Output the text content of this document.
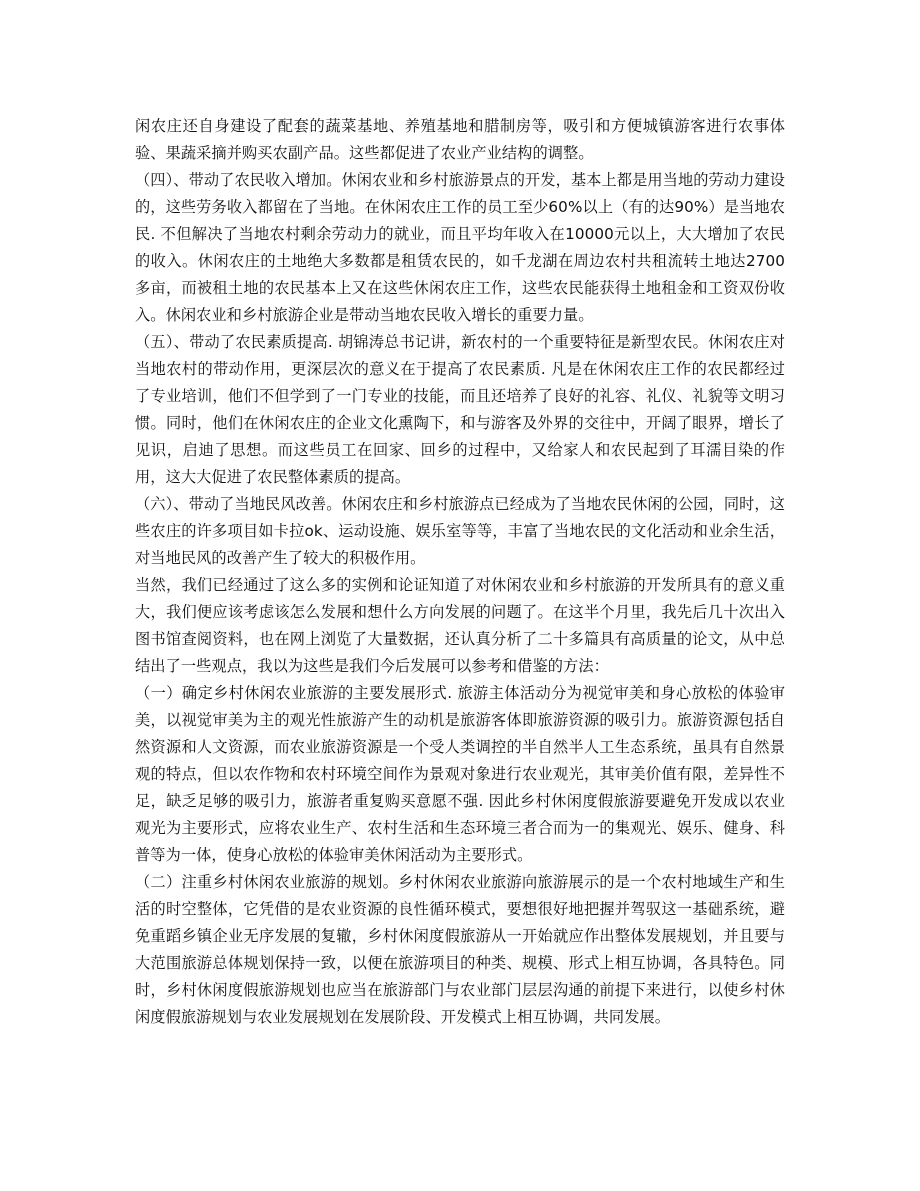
闲农庄还自身建设了配套的蔬菜基地、养殖基地和腊制房等，吸引和方便城镇游客进行农事体验、果蔬采摘并购买农副产品。这些都促进了农业产业结构的调整。

（四）、带动了农民收入增加。休闲农业和乡村旅游景点的开发，基本上都是用当地的劳动力建设的，这些劳务收入都留在了当地。在休闲农庄工作的员工至少60%以上（有的达90%）是当地农民. 不但解决了当地农村剩余劳动力的就业，而且平均年收入在10000元以上，大大增加了农民的收入。休闲农庄的土地绝大多数都是租赁农民的，如千龙湖在周边农村共租流转土地达2700多亩，而被租土地的农民基本上又在这些休闲农庄工作，这些农民能获得土地租金和工资双份收入。休闲农业和乡村旅游企业是带动当地农民收入增长的重要力量。

（五）、带动了农民素质提高. 胡锦涛总书记讲，新农村的一个重要特征是新型农民。休闲农庄对当地农村的带动作用，更深层次的意义在于提高了农民素质. 凡是在休闲农庄工作的农民都经过了专业培训，他们不但学到了一门专业的技能，而且还培养了良好的礼容、礼仪、礼貌等文明习惯。同时，他们在休闲农庄的企业文化熏陶下，和与游客及外界的交往中，开阔了眼界，增长了见识，启迪了思想。而这些员工在回家、回乡的过程中，又给家人和农民起到了耳濡目染的作用，这大大促进了农民整体素质的提高。

（六）、带动了当地民风改善。休闲农庄和乡村旅游点已经成为了当地农民休闲的公园，同时，这些农庄的许多项目如卡拉ok、运动设施、娱乐室等等，丰富了当地农民的文化活动和业余生活，对当地民风的改善产生了较大的积极作用。

当然，我们已经通过了这么多的实例和论证知道了对休闲农业和乡村旅游的开发所具有的意义重大，我们便应该考虑该怎么发展和想什么方向发展的问题了。在这半个月里，我先后几十次出入图书馆查阅资料，也在网上浏览了大量数据，还认真分析了二十多篇具有高质量的论文，从中总结出了一些观点，我以为这些是我们今后发展可以参考和借鉴的方法：

（一）确定乡村休闲农业旅游的主要发展形式. 旅游主体活动分为视觉审美和身心放松的体验审美，以视觉审美为主的观光性旅游产生的动机是旅游客体即旅游资源的吸引力。旅游资源包括自然资源和人文资源，而农业旅游资源是一个受人类调控的半自然半人工生态系统，虽具有自然景观的特点，但以农作物和农村环境空间作为景观对象进行农业观光，其审美价值有限，差异性不足，缺乏足够的吸引力，旅游者重复购买意愿不强. 因此乡村休闲度假旅游要避免开发成以农业观光为主要形式，应将农业生产、农村生活和生态环境三者合而为一的集观光、娱乐、健身、科普等为一体，使身心放松的体验审美休闲活动为主要形式。

（二）注重乡村休闲农业旅游的规划。乡村休闲农业旅游向旅游展示的是一个农村地域生产和生活的时空整体，它凭借的是农业资源的良性循环模式，要想很好地把握并驾驭这一基础系统，避免重蹈乡镇企业无序发展的复辙，乡村休闲度假旅游从一开始就应作出整体发展规划，并且要与大范围旅游总体规划保持一致，以便在旅游项目的种类、规模、形式上相互协调，各具特色。同时，乡村休闲度假旅游规划也应当在旅游部门与农业部门层层沟通的前提下来进行，以使乡村休闲度假旅游规划与农业发展规划在发展阶段、开发模式上相互协调，共同发展。
